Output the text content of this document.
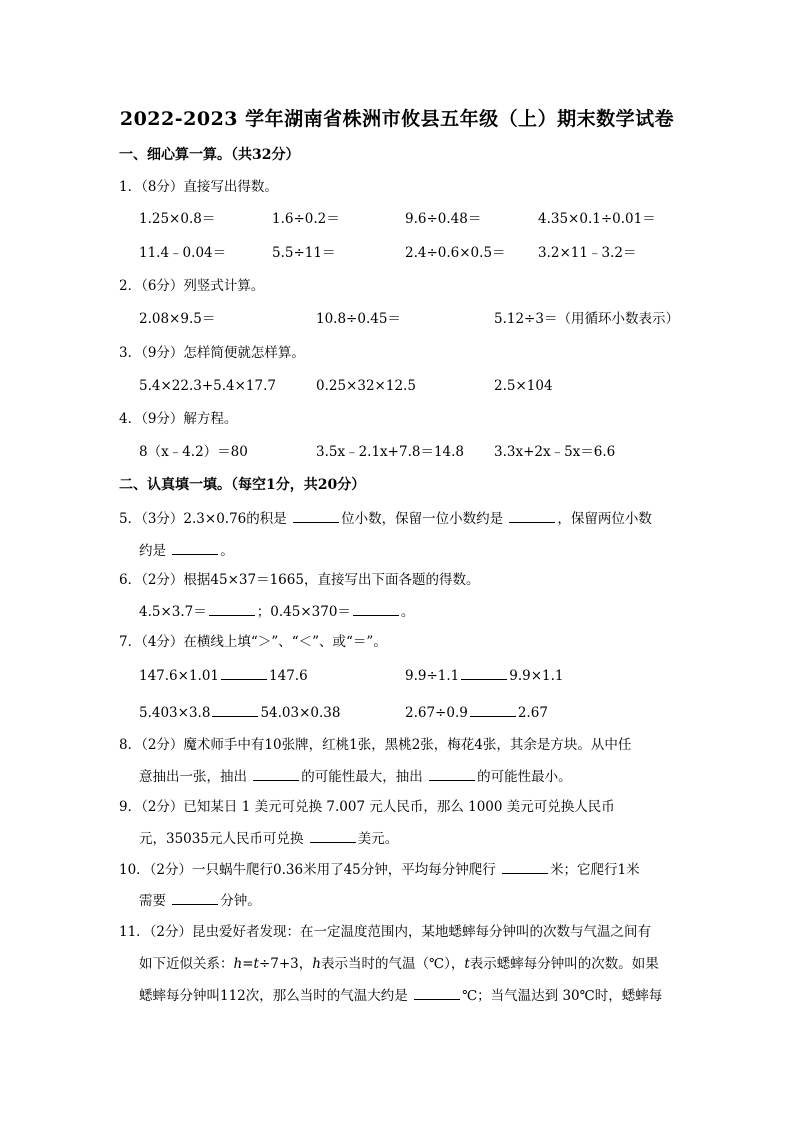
2022-2023 学年湖南省株洲市攸县五年级（上）期末数学试卷
一、细心算一算。（共32分）
1．（8分）直接写出得数。
1.25×0.8＝	1.6÷0.2＝	9.6÷0.48＝	4.35×0.1÷0.01＝
11.4﹣0.04＝	5.5÷11＝	2.4÷0.6×0.5＝ 3.2×11﹣3.2＝
2．（6分）列竖式计算。
2.08×9.5＝	10.8÷0.45＝	5.12÷3＝（用循环小数表示）
3．（9分）怎样简便就怎样算。
5.4×22.3+5.4×17.7	0.25×32×12.5	2.5×104
4．（9分）解方程。
8（x﹣4.2）＝80	3.5x﹣2.1x+7.8＝14.8 3.3x+2x﹣5x＝6.6
二、认真填一填。（每空1分，共20分）
5．（3分）2.3×0.76的积是	位小数，保留一位小数约是	，保留两位小数
约是	。
6．（2分）根据45×37＝1665，直接写出下面各题的得数。
4.5×3.7＝	；0.45×370＝	。
7．（4分）在横线上填“＞”、“＜”、或“＝”。
147.6×1.01	147.6	9.9÷1.1	9.9×1.1
5.403×3.8	54.03×0.38	2.67÷0.9	2.67
8．（2分）魔术师手中有10张牌，红桃1张，黑桃2张，梅花4张，其余是方块。从中任
意抽出一张，抽出	的可能性最大，抽出	的可能性最小。
9．（2分）已知某日 1 美元可兑换 7.007 元人民币，那么 1000 美元可兑换人民币
元，35035元人民币可兑换	美元。
10．（2分）一只蜗牛爬行0.36米用了45分钟，平均每分钟爬行	米；它爬行1米
需要	分钟。
11．（2分）昆虫爱好者发现：在一定温度范围内，某地蟋蟀每分钟叫的次数与气温之间有
如下近似关系：h=t÷7+3，h表示当时的气温（℃），t表示蟋蟀每分钟叫的次数。如果
蟋蟀每分钟叫112次，那么当时的气温大约是	℃；当气温达到 30℃时，蟋蟀每
